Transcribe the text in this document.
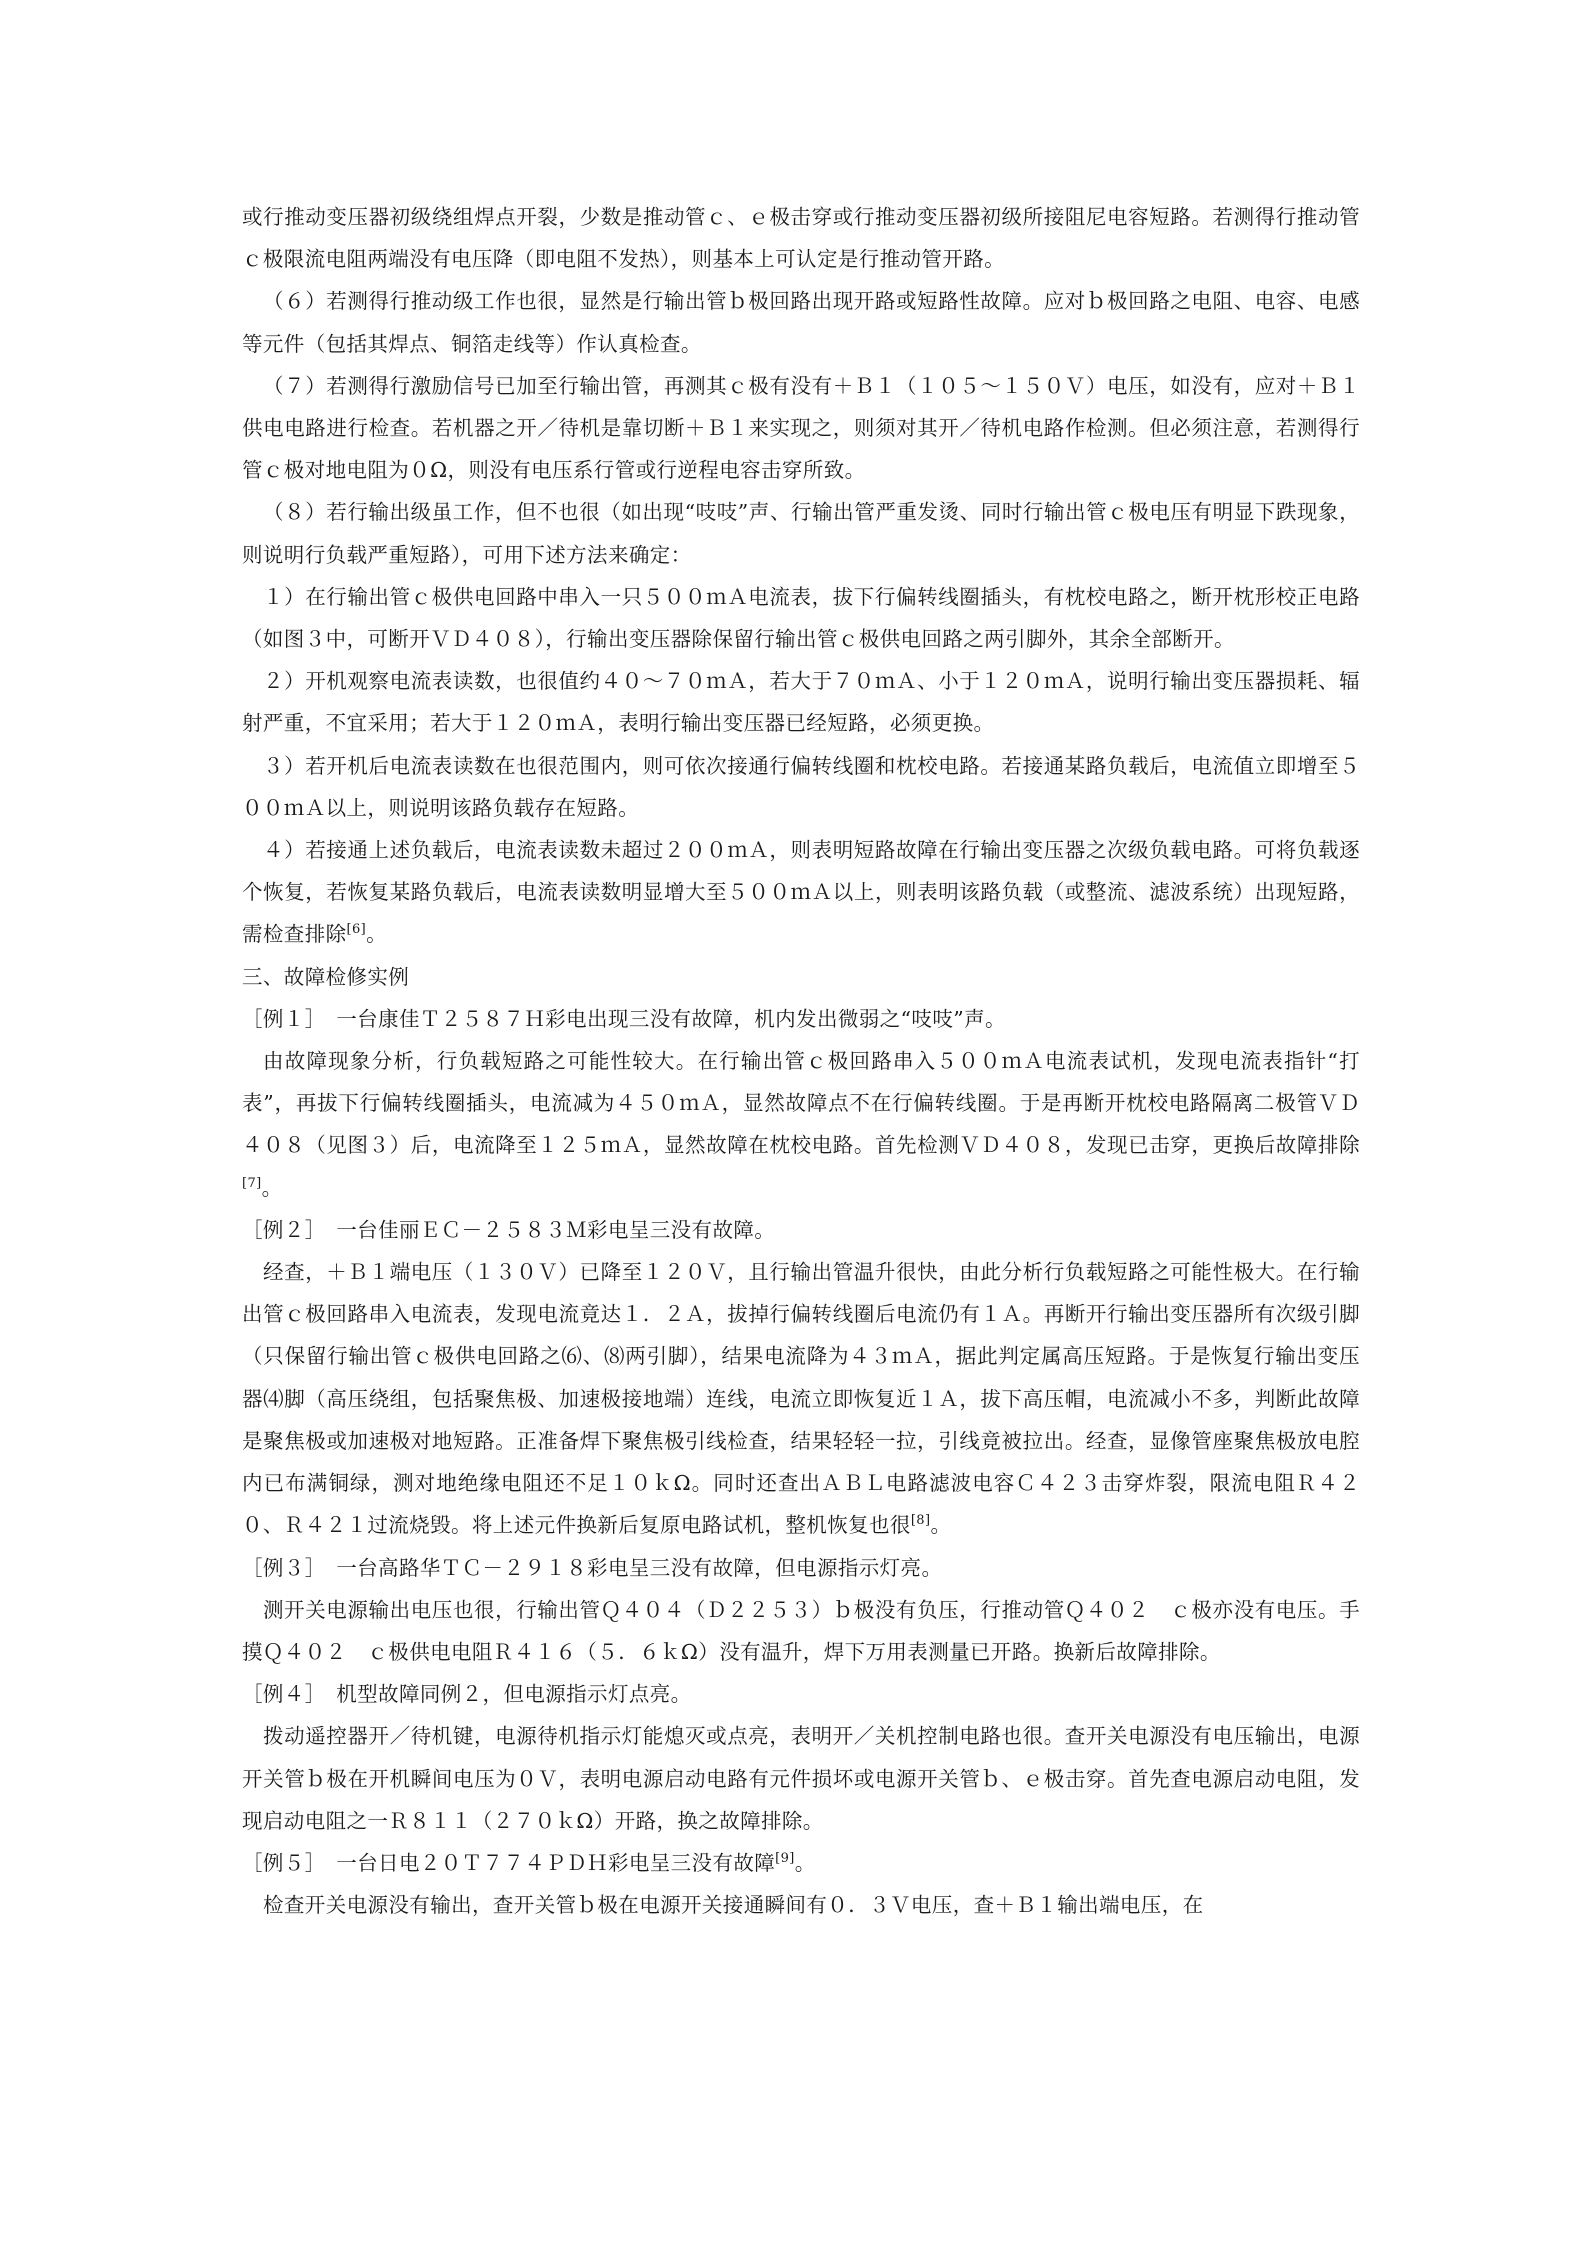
或行推动变压器初级绕组焊点开裂，少数是推动管ｃ、ｅ极击穿或行推动变压器初级所接阻尼电容短路。若测得行推动管ｃ极限流电阻两端没有电压降（即电阻不发热），则基本上可认定是行推动管开路。

（６）若测得行推动级工作也很，显然是行输出管ｂ极回路出现开路或短路性故障。应对ｂ极回路之电阻、电容、电感等元件（包括其焊点、铜箔走线等）作认真检查。

（７）若测得行激励信号已加至行输出管，再测其ｃ极有没有＋Ｂ１（１０５～１５０Ｖ）电压，如没有，应对＋Ｂ１供电电路进行检查。若机器之开／待机是靠切断＋Ｂ１来实现之，则须对其开／待机电路作检测。但必须注意，若测得行管ｃ极对地电阻为０Ω，则没有电压系行管或行逆程电容击穿所致。

（８）若行输出级虽工作，但不也很（如出现“吱吱”声、行输出管严重发烫、同时行输出管ｃ极电压有明显下跌现象，则说明行负载严重短路），可用下述方法来确定：

１）在行输出管ｃ极供电回路中串入一只５００ｍＡ电流表，拔下行偏转线圈插头，有枕校电路之，断开枕形校正电路（如图３中，可断开ＶＤ４０８），行输出变压器除保留行输出管ｃ极供电回路之两引脚外，其余全部断开。

２）开机观察电流表读数，也很值约４０～７０ｍＡ，若大于７０ｍＡ、小于１２０ｍＡ，说明行输出变压器损耗、辐射严重，不宜采用；若大于１２０ｍＡ，表明行输出变压器已经短路，必须更换。

３）若开机后电流表读数在也很范围内，则可依次接通行偏转线圈和枕校电路。若接通某路负载后，电流值立即增至５００ｍＡ以上，则说明该路负载存在短路。

４）若接通上述负载后，电流表读数未超过２００ｍＡ，则表明短路故障在行输出变压器之次级负载电路。可将负载逐个恢复，若恢复某路负载后，电流表读数明显增大至５００ｍＡ以上，则表明该路负载（或整流、滤波系统）出现短路，需检查排除[6]。

三、故障检修实例

［例１］　一台康佳Ｔ２５８７Ｈ彩电出现三没有故障，机内发出微弱之“吱吱”声。

由故障现象分析，行负载短路之可能性较大。在行输出管ｃ极回路串入５００ｍＡ电流表试机，发现电流表指针“打表”，再拔下行偏转线圈插头，电流减为４５０ｍＡ，显然故障点不在行偏转线圈。于是再断开枕校电路隔离二极管ＶＤ４０８（见图３）后，电流降至１２５ｍＡ，显然故障在枕校电路。首先检测ＶＤ４０８，发现已击穿，更换后故障排除[7]。

［例２］　一台佳丽ＥＣ－２５８３Ｍ彩电呈三没有故障。

经查，＋Ｂ１端电压（１３０Ｖ）已降至１２０Ｖ，且行输出管温升很快，由此分析行负载短路之可能性极大。在行输出管ｃ极回路串入电流表，发现电流竟达１．２Ａ，拔掉行偏转线圈后电流仍有１Ａ。再断开行输出变压器所有次级引脚（只保留行输出管ｃ极供电回路之⑹、⑻两引脚），结果电流降为４３ｍＡ，据此判定属高压短路。于是恢复行输出变压器⑷脚（高压绕组，包括聚焦极、加速极接地端）连线，电流立即恢复近１Ａ，拔下高压帽，电流减小不多，判断此故障是聚焦极或加速极对地短路。正准备焊下聚焦极引线检查，结果轻轻一拉，引线竟被拉出。经查，显像管座聚焦极放电腔内已布满铜绿，测对地绝缘电阻还不足１０ｋΩ。同时还查出ＡＢＬ电路滤波电容Ｃ４２３击穿炸裂，限流电阻Ｒ４２０、Ｒ４２１过流烧毁。将上述元件换新后复原电路试机，整机恢复也很[8]。

［例３］　一台高路华ＴＣ－２９１８彩电呈三没有故障，但电源指示灯亮。

测开关电源输出电压也很，行输出管Ｑ４０４（Ｄ２２５３）ｂ极没有负压，行推动管Ｑ４０２　ｃ极亦没有电压。手摸Ｑ４０２　ｃ极供电电阻Ｒ４１６（５．６ｋΩ）没有温升，焊下万用表测量已开路。换新后故障排除。

［例４］　机型故障同例２，但电源指示灯点亮。

拨动遥控器开／待机键，电源待机指示灯能熄灭或点亮，表明开／关机控制电路也很。查开关电源没有电压输出，电源开关管ｂ极在开机瞬间电压为０Ｖ，表明电源启动电路有元件损坏或电源开关管ｂ、ｅ极击穿。首先查电源启动电阻，发现启动电阻之一Ｒ８１１（２７０ｋΩ）开路，换之故障排除。

［例５］　一台日电２０Ｔ７７４ＰＤＨ彩电呈三没有故障[9]。

检查开关电源没有输出，查开关管ｂ极在电源开关接通瞬间有０．３Ｖ电压，查＋Ｂ１输出端电压，在
